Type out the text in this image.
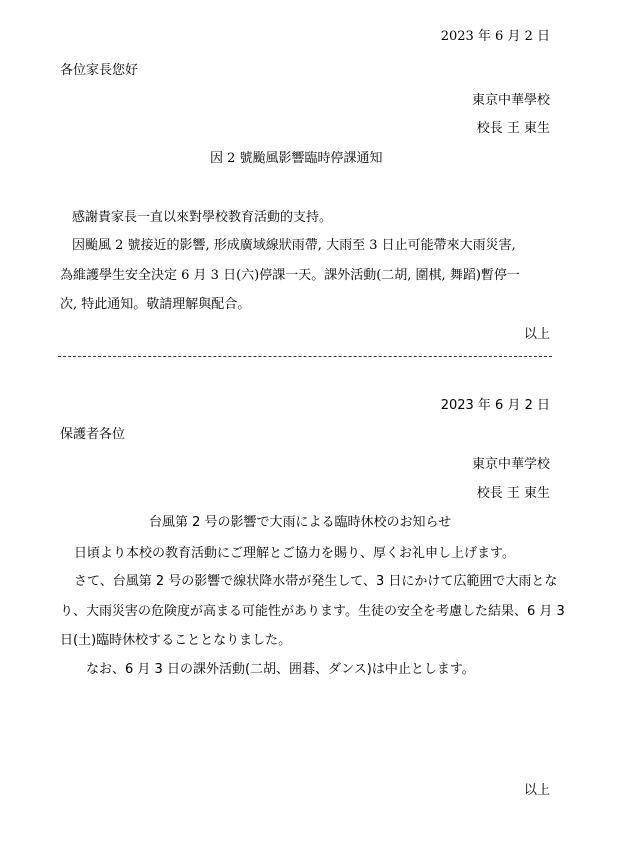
2023 年 6 月 2 日
各位家長您好
東京中華學校
校長 王 東生
因 2 號颱風影響臨時停課通知
感謝貴家長一直以來對學校教育活動的支持。
因颱風 2 號接近的影響, 形成廣域線狀雨帶, 大雨至 3 日止可能帶來大雨災害,
為維護學生安全決定 6 月 3 日(六)停課一天。課外活動(二胡, 圍棋, 舞蹈)暫停一
次, 特此通知。敬請理解與配合。
以上
2023 年 6 月 2 日
保護者各位
東京中華学校
校長 王 東生
台風第 2 号の影響で大雨による臨時休校のお知らせ
日頃より本校の教育活動にご理解とご協力を賜り、厚くお礼申し上げます。
さて、台風第 2 号の影響で線状降水帯が発生して、3 日にかけて広範囲で大雨とな
り、大雨災害の危険度が高まる可能性があります。生徒の安全を考慮した結果、6 月 3
日(土)臨時休校することとなりました。
なお、6 月 3 日の課外活動(二胡、囲碁、ダンス)は中止とします。
以上
